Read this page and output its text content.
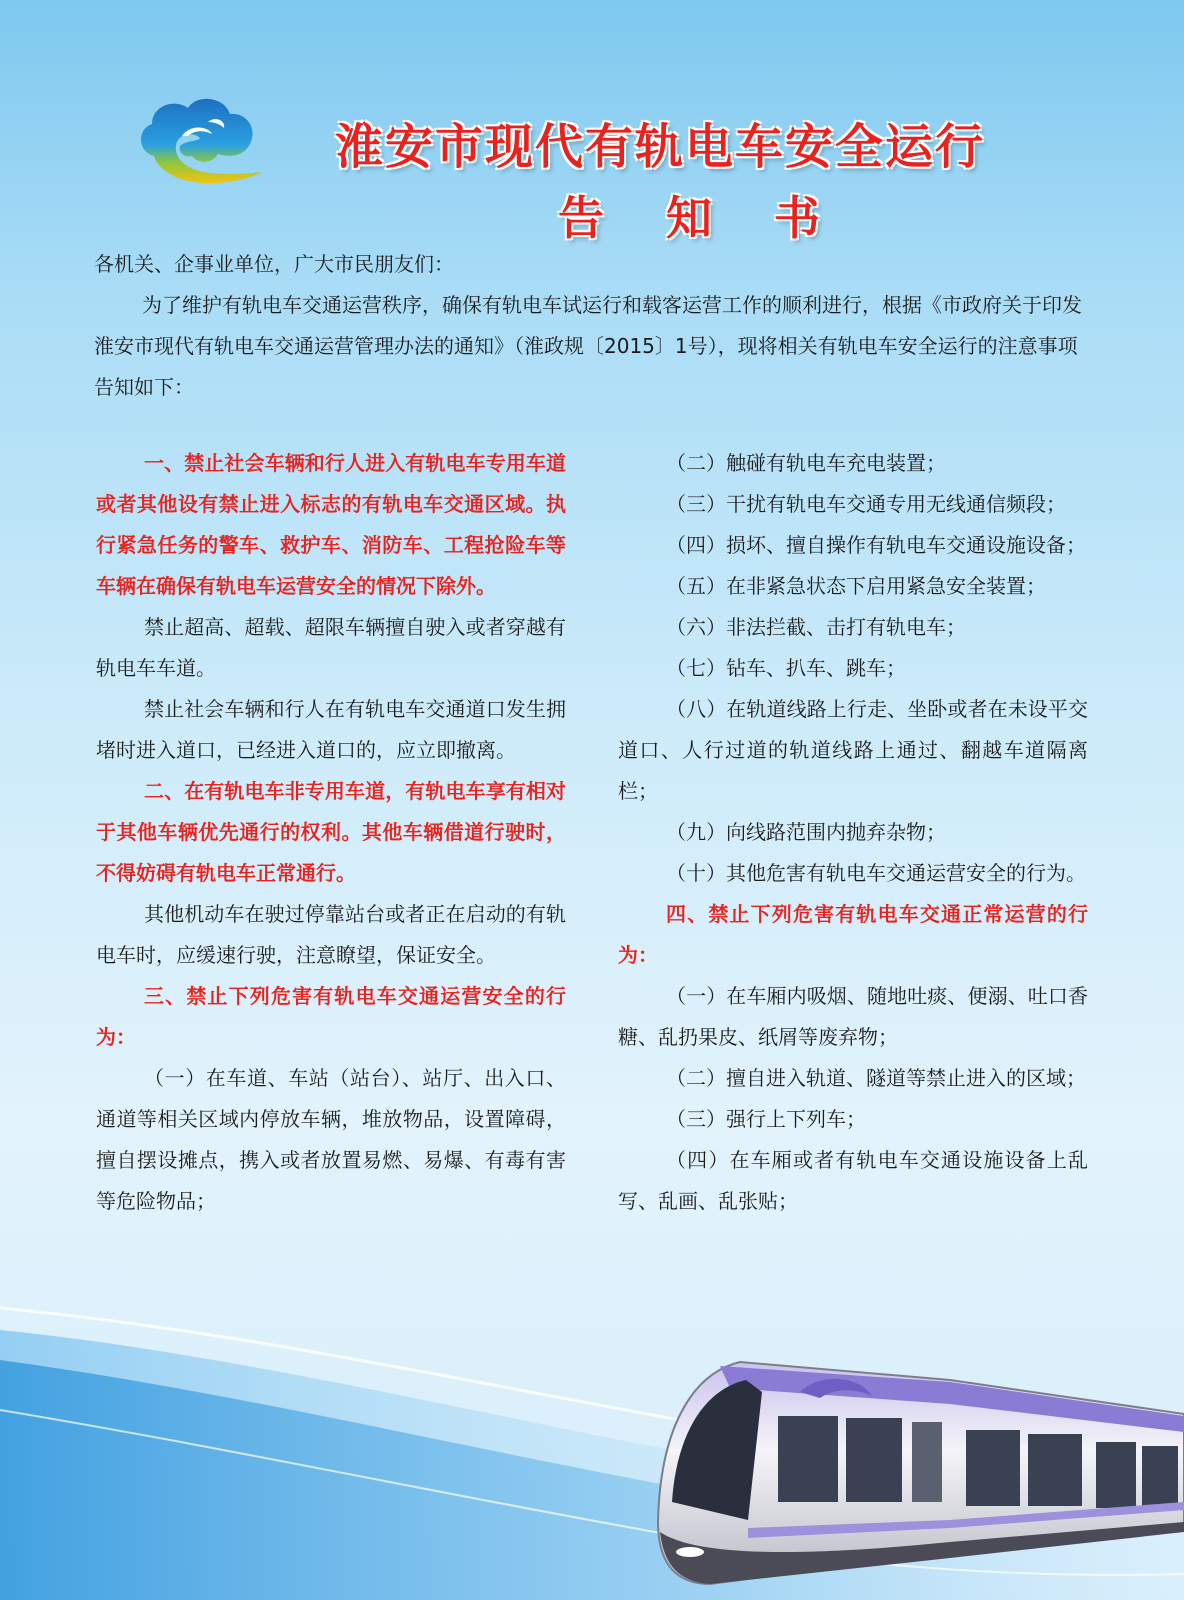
淮安市现代有轨电车安全运行
告知书

各机关、企事业单位，广大市民朋友们：

为了维护有轨电车交通运营秩序，确保有轨电车试运行和载客运营工作的顺利进行，根据《市政府关于印发淮安市现代有轨电车交通运营管理办法的通知》（淮政规〔2015〕1号），现将相关有轨电车安全运行的注意事项告知如下：

一、禁止社会车辆和行人进入有轨电车专用车道或者其他设有禁止进入标志的有轨电车交通区域。执行紧急任务的警车、救护车、消防车、工程抢险车等车辆在确保有轨电车运营安全的情况下除外。

禁止超高、超载、超限车辆擅自驶入或者穿越有轨电车车道。

禁止社会车辆和行人在有轨电车交通道口发生拥堵时进入道口，已经进入道口的，应立即撤离。

二、在有轨电车非专用车道，有轨电车享有相对于其他车辆优先通行的权利。其他车辆借道行驶时，不得妨碍有轨电车正常通行。

其他机动车在驶过停靠站台或者正在启动的有轨电车时，应缓速行驶，注意瞭望，保证安全。

三、禁止下列危害有轨电车交通运营安全的行为：

（一）在车道、车站（站台）、站厅、出入口、通道等相关区域内停放车辆，堆放物品，设置障碍，擅自摆设摊点，携入或者放置易燃、易爆、有毒有害等危险物品；

（二）触碰有轨电车充电装置；

（三）干扰有轨电车交通专用无线通信频段；

（四）损坏、擅自操作有轨电车交通设施设备；

（五）在非紧急状态下启用紧急安全装置；

（六）非法拦截、击打有轨电车；

（七）钻车、扒车、跳车；

（八）在轨道线路上行走、坐卧或者在未设平交道口、人行过道的轨道线路上通过、翻越车道隔离栏；

（九）向线路范围内抛弃杂物；

（十）其他危害有轨电车交通运营安全的行为。

四、禁止下列危害有轨电车交通正常运营的行为：

（一）在车厢内吸烟、随地吐痰、便溺、吐口香糖、乱扔果皮、纸屑等废弃物；

（二）擅自进入轨道、隧道等禁止进入的区域；

（三）强行上下列车；

（四）在车厢或者有轨电车交通设施设备上乱写、乱画、乱张贴；
